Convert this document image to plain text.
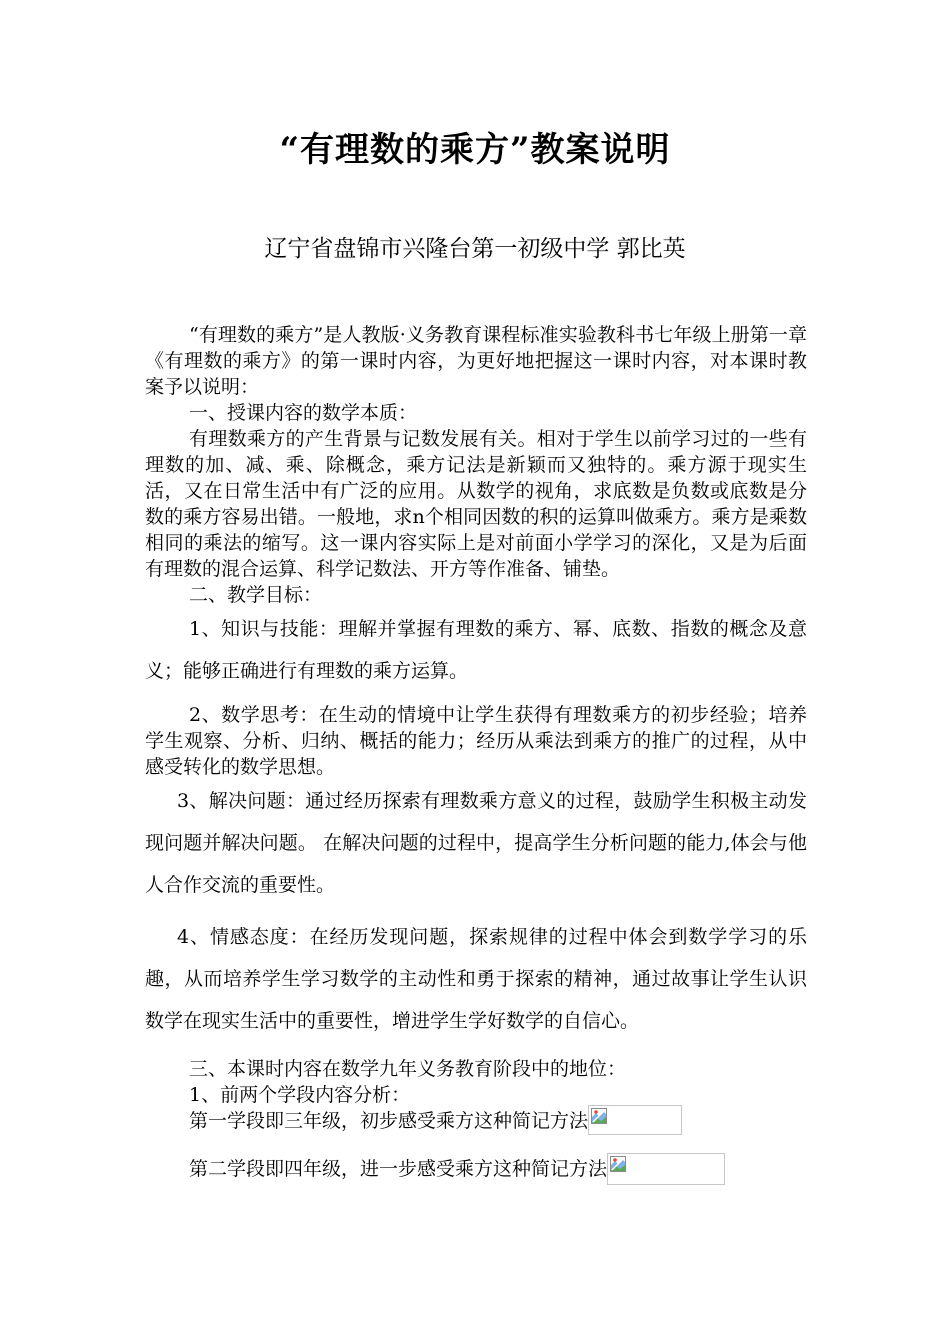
“有理数的乘方”教案说明
辽宁省盘锦市兴隆台第一初级中学 郭比英

“有理数的乘方”是人教版·义务教育课程标准实验教科书七年级上册第一章《有理数的乘方》的第一课时内容，为更好地把握这一课时内容，对本课时教案予以说明：

一、授课内容的数学本质：

有理数乘方的产生背景与记数发展有关。相对于学生以前学习过的一些有理数的加、减、乘、除概念，乘方记法是新颖而又独特的。乘方源于现实生活，又在日常生活中有广泛的应用。从数学的视角，求底数是负数或底数是分数的乘方容易出错。一般地，求n个相同因数的积的运算叫做乘方。乘方是乘数相同的乘法的缩写。这一课内容实际上是对前面小学学习的深化，又是为后面有理数的混合运算、科学记数法、开方等作准备、铺垫。

二、教学目标：

1、知识与技能：理解并掌握有理数的乘方、幂、底数、指数的概念及意义；能够正确进行有理数的乘方运算。

2、数学思考：在生动的情境中让学生获得有理数乘方的初步经验；培养学生观察、分析、归纳、概括的能力；经历从乘法到乘方的推广的过程，从中感受转化的数学思想。

3、解决问题：通过经历探索有理数乘方意义的过程，鼓励学生积极主动发现问题并解决问题。 在解决问题的过程中，提高学生分析问题的能力,体会与他人合作交流的重要性。

4、情感态度：在经历发现问题，探索规律的过程中体会到数学学习的乐趣，从而培养学生学习数学的主动性和勇于探索的精神，通过故事让学生认识数学在现实生活中的重要性，增进学生学好数学的自信心。

三、本课时内容在数学九年义务教育阶段中的地位：

1、前两个学段内容分析：

第一学段即三年级，初步感受乘方这种简记方法
第二学段即四年级，进一步感受乘方这种简记方法
